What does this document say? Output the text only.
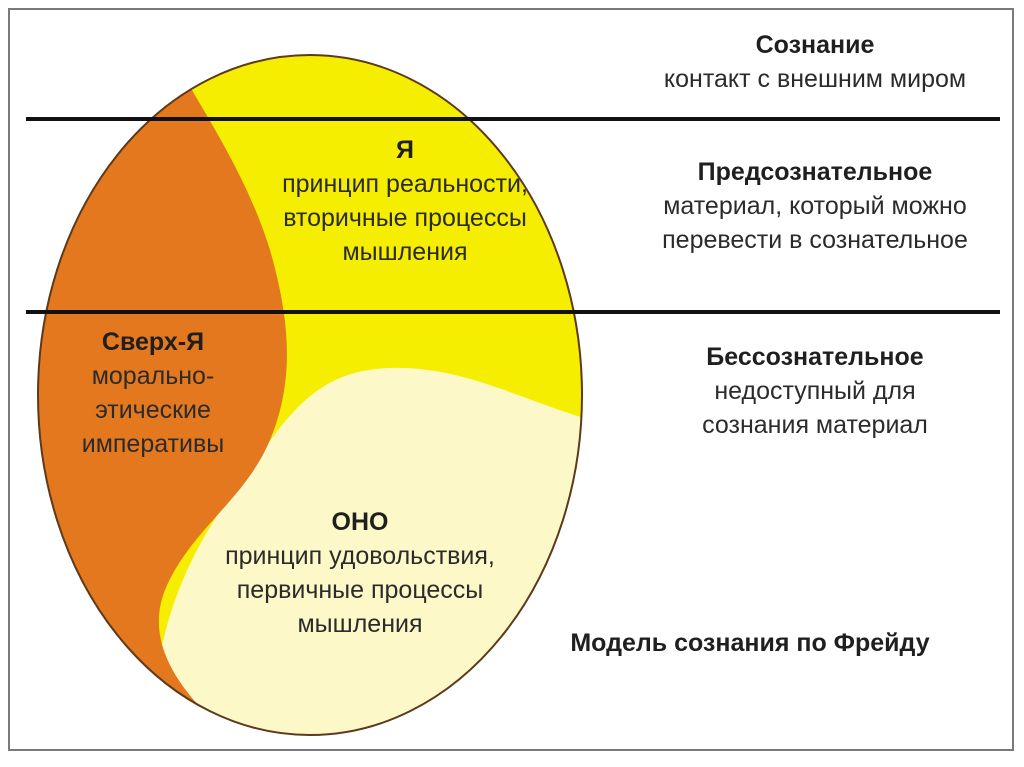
Сознание
контакт с внешним миром
Предсознательное
материал, который можно
перевести в сознательное
Бессознательное
недоступный для
сознания материал
Я
принцип реальности,
вторичные процессы
мышления
Сверх-Я
морально-
этические
императивы
ОНО
принцип удовольствия,
первичные процессы
мышления
Модель сознания по Фрейду
